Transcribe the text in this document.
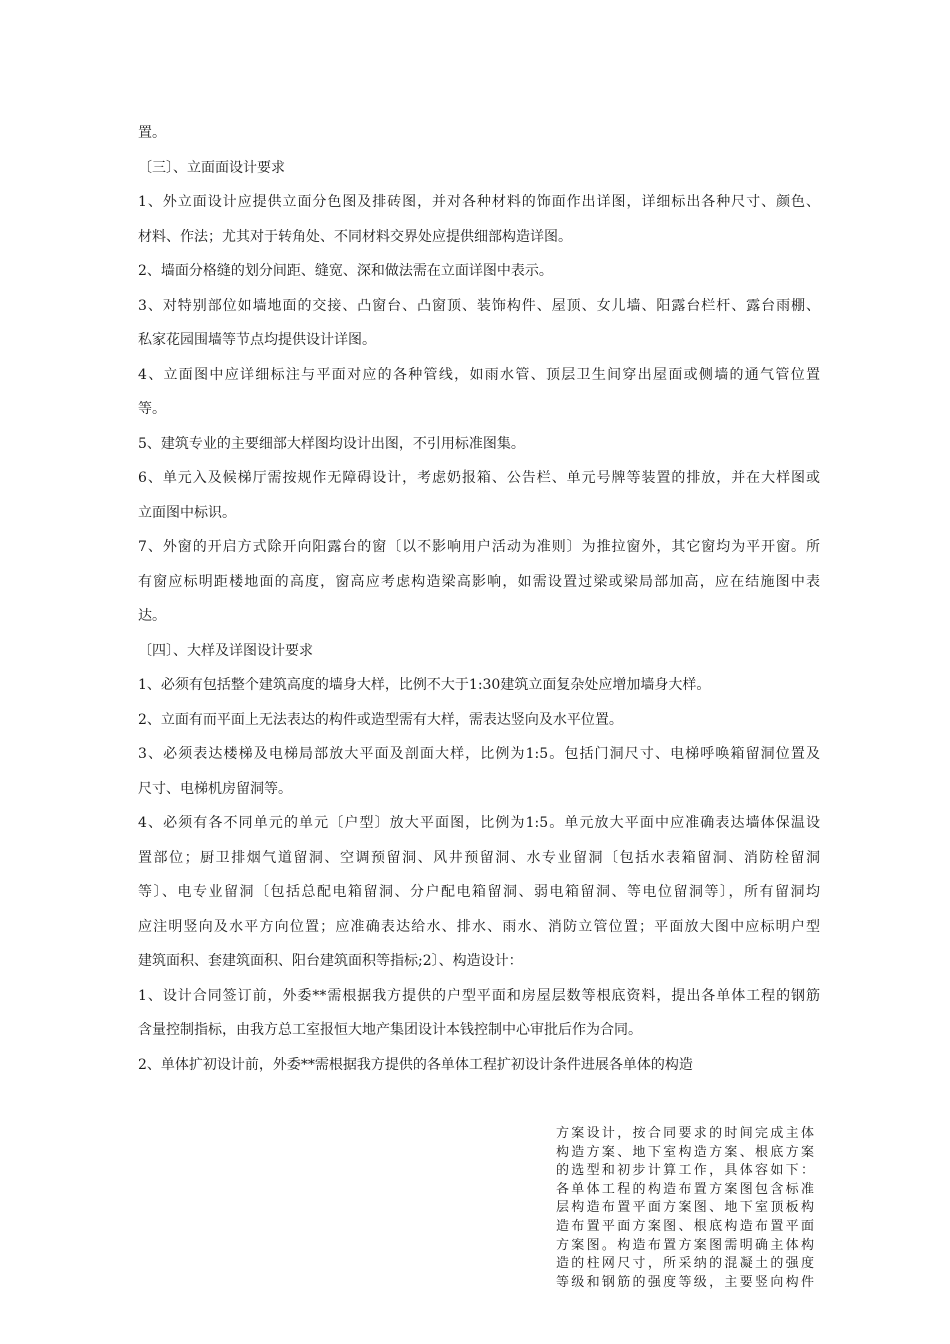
置。
〔三〕、立面面设计要求
1、外立面设计应提供立面分色图及排砖图，并对各种材料的饰面作出详图，详细标出各种尺寸、颜色、
材料、作法；尤其对于转角处、不同材料交界处应提供细部构造详图。
2、墙面分格缝的划分间距、缝宽、深和做法需在立面详图中表示。
3、对特别部位如墙地面的交接、凸窗台、凸窗顶、装饰构件、屋顶、女儿墙、阳露台栏杆、露台雨棚、
私家花园围墙等节点均提供设计详图。
4、立面图中应详细标注与平面对应的各种管线，如雨水管、顶层卫生间穿出屋面或侧墙的通气管位置
等。
5、建筑专业的主要细部大样图均设计出图，不引用标准图集。
6、单元入及候梯厅需按规作无障碍设计，考虑奶报箱、公告栏、单元号牌等装置的排放，并在大样图或
立面图中标识。
7、外窗的开启方式除开向阳露台的窗〔以不影响用户活动为准则〕为推拉窗外，其它窗均为平开窗。所
有窗应标明距楼地面的高度，窗高应考虑构造梁高影响，如需设置过梁或梁局部加高，应在结施图中表
达。
〔四〕、大样及详图设计要求
1、必须有包括整个建筑高度的墙身大样，比例不大于1:30建筑立面复杂处应增加墙身大样。
2、立面有而平面上无法表达的构件或造型需有大样，需表达竖向及水平位置。
3、必须表达楼梯及电梯局部放大平面及剖面大样，比例为1:5。包括门洞尺寸、电梯呼唤箱留洞位置及
尺寸、电梯机房留洞等。
4、必须有各不同单元的单元〔户型〕放大平面图，比例为1:5。单元放大平面中应准确表达墙体保温设
置部位；厨卫排烟气道留洞、空调预留洞、风井预留洞、水专业留洞〔包括水表箱留洞、消防栓留洞
等〕、电专业留洞〔包括总配电箱留洞、分户配电箱留洞、弱电箱留洞、等电位留洞等〕，所有留洞均
应注明竖向及水平方向位置；应准确表达给水、排水、雨水、消防立管位置；平面放大图中应标明户型
建筑面积、套建筑面积、阳台建筑面积等指标;2〕、构造设计：
1、设计合同签订前，外委**需根据我方提供的户型平面和房屋层数等根底资料，提出各单体工程的钢筋
含量控制指标，由我方总工室报恒大地产集团设计本钱控制中心审批后作为合同。
2、单体扩初设计前，外委**需根据我方提供的各单体工程扩初设计条件进展各单体的构造
方案设计，按合同要求的时间完成主体
构造方案、地下室构造方案、根底方案
的选型和初步计算工作，具体容如下：
各单体工程的构造布置方案图包含标准
层构造布置平面方案图、地下室顶板构
造布置平面方案图、根底构造布置平面
方案图。构造布置方案图需明确主体构
造的柱网尺寸，所采纳的混凝土的强度
等级和钢筋的强度等级，主要竖向构件
